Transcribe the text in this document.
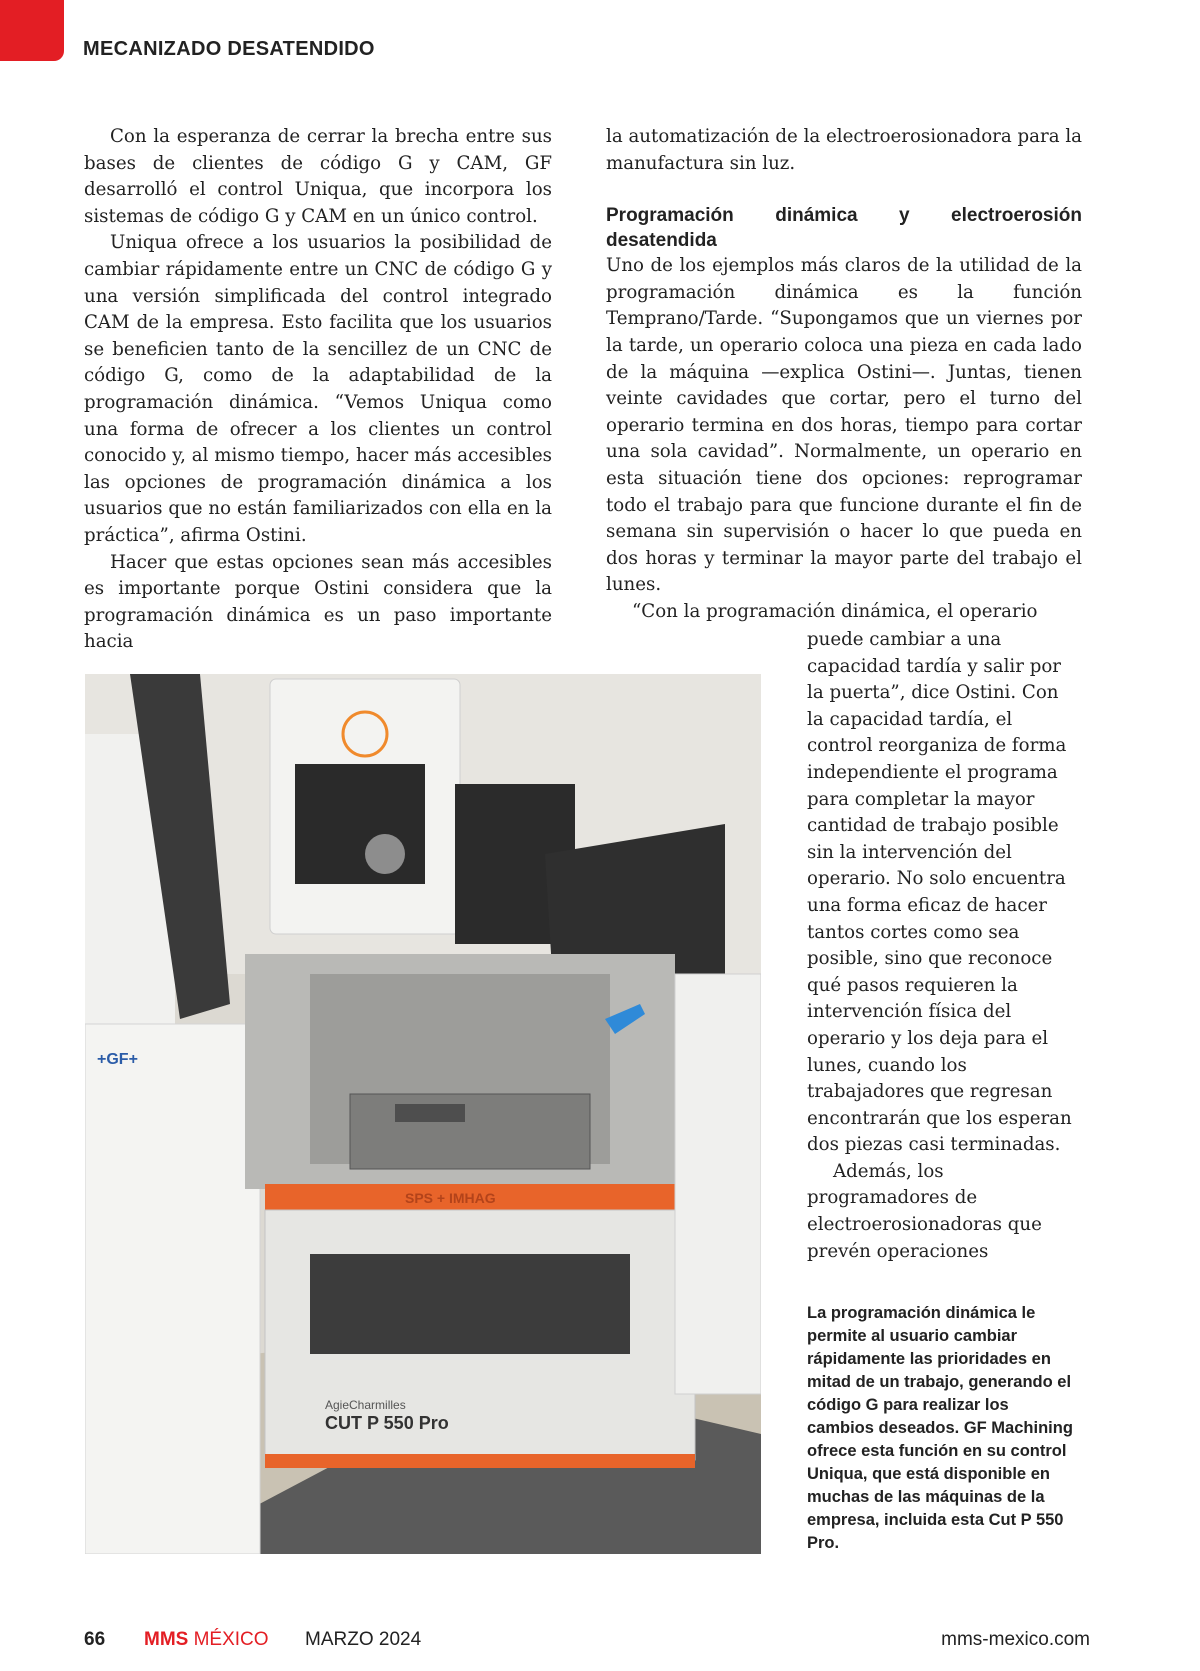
MECANIZADO DESATENDIDO

Con la esperanza de cerrar la brecha entre sus bases de clientes de código G y CAM, GF desarrolló el control Uniqua, que incorpora los sistemas de código G y CAM en un único control.

Uniqua ofrece a los usuarios la posibilidad de cambiar rápidamente entre un CNC de código G y una versión simplificada del control integrado CAM de la empresa. Esto facilita que los usuarios se beneficien tanto de la sencillez de un CNC de código G, como de la adaptabilidad de la programación dinámica. “Vemos Uniqua como una forma de ofrecer a los clientes un control conocido y, al mismo tiempo, hacer más accesibles las opciones de programación dinámica a los usuarios que no están familiarizados con ella en la práctica”, afirma Ostini.

Hacer que estas opciones sean más accesibles es importante porque Ostini considera que la programación dinámica es un paso importante hacia

la automatización de la electroerosionadora para la manufactura sin luz.

Programación dinámica y electroerosión desatendida

Uno de los ejemplos más claros de la utilidad de la programación dinámica es la función Temprano/Tarde. “Supongamos que un viernes por la tarde, un operario coloca una pieza en cada lado de la máquina —explica Ostini—. Juntas, tienen veinte cavidades que cortar, pero el turno del operario termina en dos horas, tiempo para cortar una sola cavidad”. Normalmente, un operario en esta situación tiene dos opciones: reprogramar todo el trabajo para que funcione durante el fin de semana sin supervisión o hacer lo que pueda en dos horas y terminar la mayor parte del trabajo el lunes.

“Con la programación dinámica, el operario

puede cambiar a una capacidad tardía y salir por la puerta”, dice Ostini. Con la capacidad tardía, el control reorganiza de forma independiente el programa para completar la mayor cantidad de trabajo posible sin la intervención del operario. No solo encuentra una forma eficaz de hacer tantos cortes como sea posible, sino que reconoce qué pasos requieren la intervención física del operario y los deja para el lunes, cuando los trabajadores que regresan encontrarán que los esperan dos piezas casi terminadas.

Además, los programadores de electroerosionadoras que prevén operaciones

+GF+
SPS + IMHAG
AgieCharmilles
CUT P 550 Pro
La programación dinámica le permite al usuario cambiar rápidamente las prioridades en mitad de un trabajo, generando el código G para realizar los cambios deseados. GF Machining ofrece esta función en su control Uniqua, que está disponible en muchas de las máquinas de la empresa, incluida esta Cut P 550 Pro.
66 MMS MÉXICO MARZO 2024	mms-mexico.com
